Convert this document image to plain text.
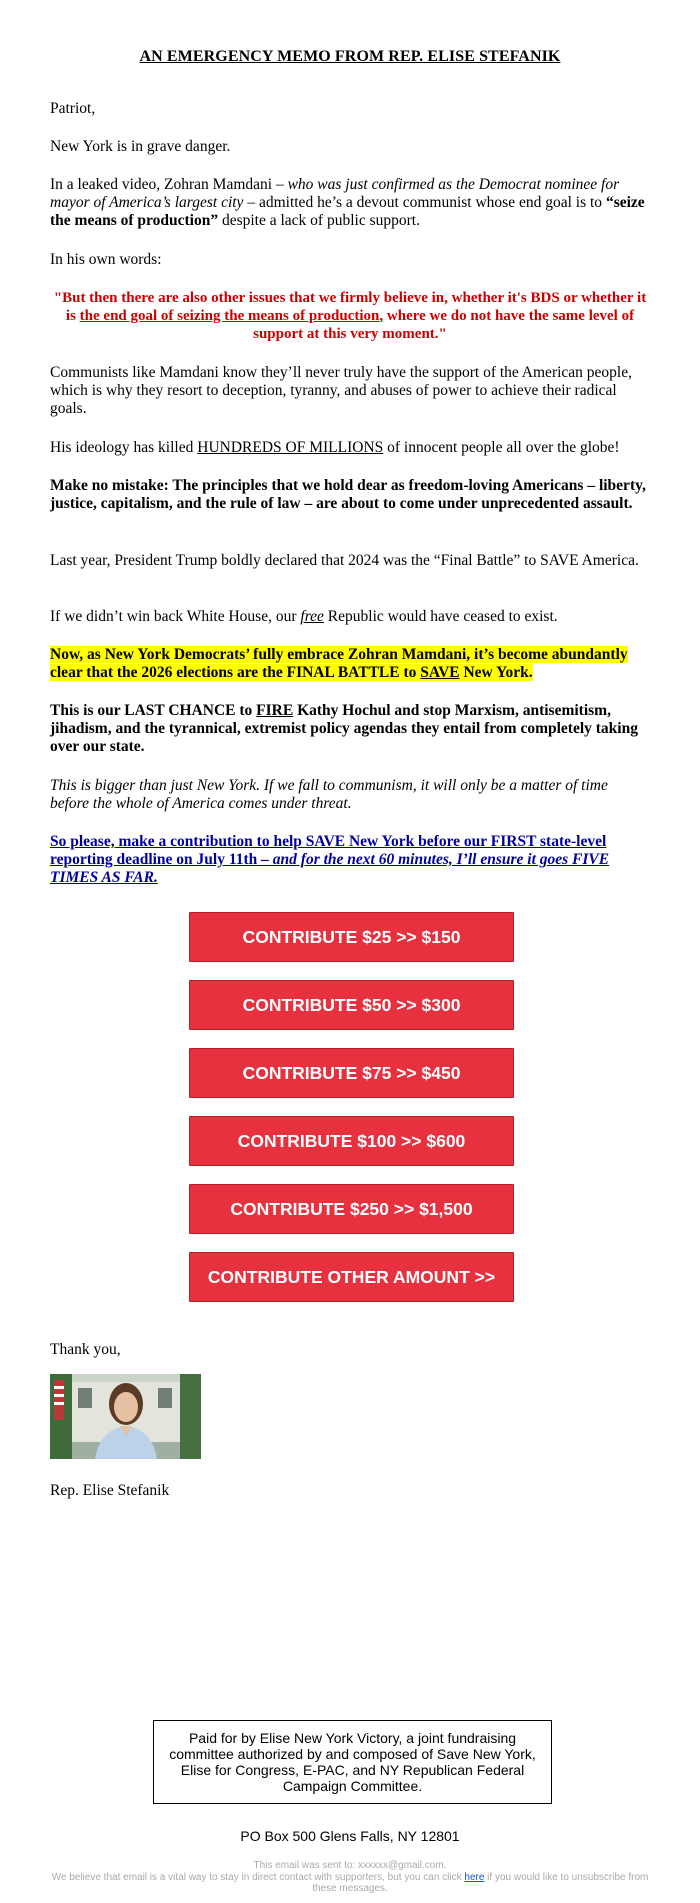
AN EMERGENCY MEMO FROM REP. ELISE STEFANIK

Patriot,

New York is in grave danger.

In a leaked video, Zohran Mamdani – who was just confirmed as the Democrat nominee for mayor of America’s largest city – admitted he’s a devout communist whose end goal is to “seize the means of production” despite a lack of public support.

In his own words:

"But then there are also other issues that we firmly believe in, whether it's BDS or whether it is the end goal of seizing the means of production, where we do not have the same level of support at this very moment."

Communists like Mamdani know they’ll never truly have the support of the American people, which is why they resort to deception, tyranny, and abuses of power to achieve their radical goals.

His ideology has killed HUNDREDS OF MILLIONS of innocent people all over the globe!

Make no mistake: The principles that we hold dear as freedom-loving Americans – liberty, justice, capitalism, and the rule of law – are about to come under unprecedented assault.

Last year, President Trump boldly declared that 2024 was the “Final Battle” to SAVE America.

If we didn’t win back White House, our free Republic would have ceased to exist.

Now, as New York Democrats’ fully embrace Zohran Mamdani, it’s become abundantly clear that the 2026 elections are the FINAL BATTLE to SAVE New York.

This is our LAST CHANCE to FIRE Kathy Hochul and stop Marxism, antisemitism, jihadism, and the tyrannical, extremist policy agendas they entail from completely taking over our state.

This is bigger than just New York. If we fall to communism, it will only be a matter of time before the whole of America comes under threat.

So please, make a contribution to help SAVE New York before our FIRST state-level reporting deadline on July 11th – and for the next 60 minutes, I’ll ensure it goes FIVE TIMES AS FAR.

CONTRIBUTE $25 >> $150
CONTRIBUTE $50 >> $300
CONTRIBUTE $75 >> $450
CONTRIBUTE $100 >> $600
CONTRIBUTE $250 >> $1,500
CONTRIBUTE OTHER AMOUNT >>

Thank you,

Rep. Elise Stefanik

Paid for by Elise New York Victory, a joint fundraising committee authorized by and composed of Save New York, Elise for Congress, E-PAC, and NY Republican Federal Campaign Committee.
PO Box 500 Glens Falls, NY 12801
This email was sent to: xxxxxx@gmail.com.
We believe that email is a vital way to stay in direct contact with supporters, but you can click here if you would like to unsubscribe from these messages.
